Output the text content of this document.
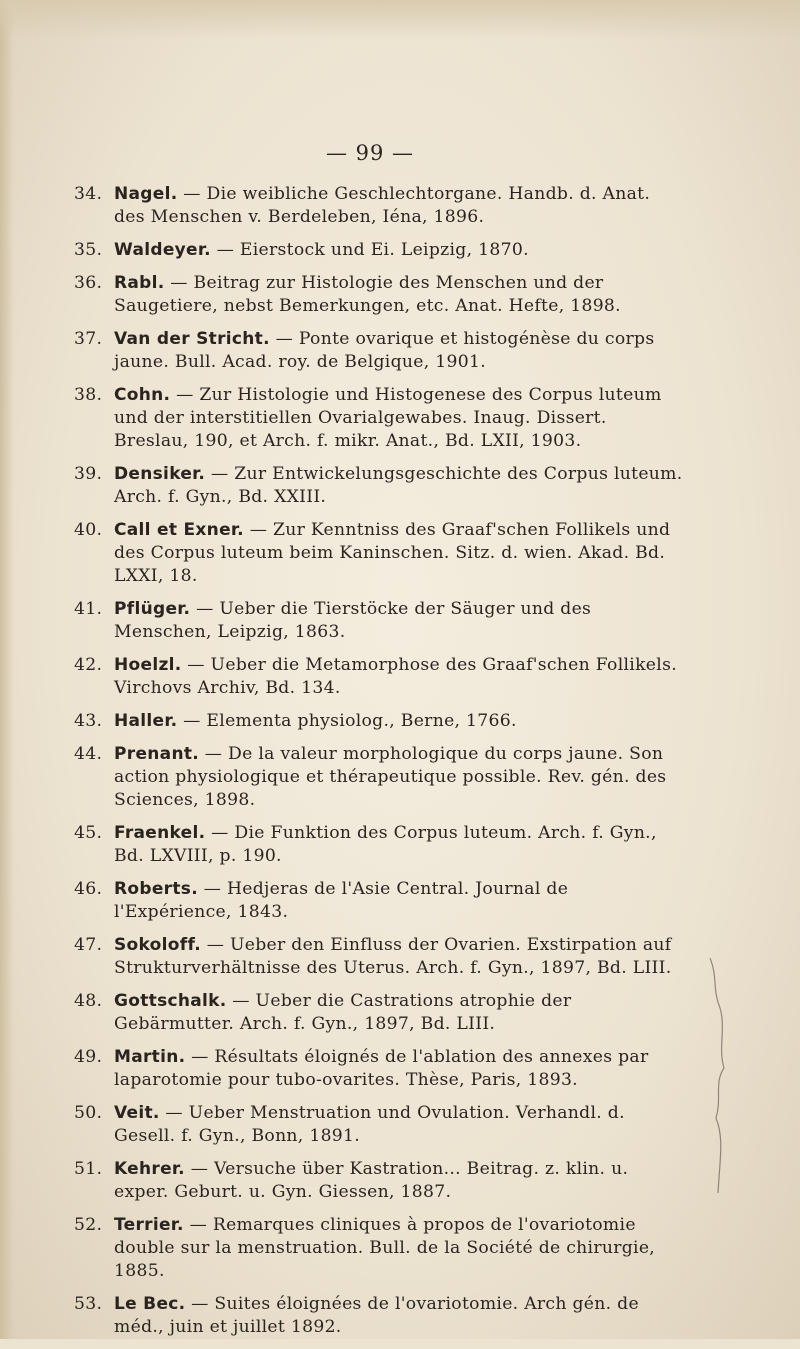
— 99 —
34. Nagel. — Die weibliche Geschlechtorgane. Handb. d. Anat. des Menschen v. Berdeleben, Iéna, 1896.
35. Waldeyer. — Eierstock und Ei. Leipzig, 1870.
36. Rabl. — Beitrag zur Histologie des Menschen und der Saugetiere, nebst Bemerkungen, etc. Anat. Hefte, 1898.
37. Van der Stricht. — Ponte ovarique et histogénèse du corps jaune. Bull. Acad. roy. de Belgique, 1901.
38. Cohn. — Zur Histologie und Histogenese des Corpus luteum und der interstitiellen Ovarialgewabes. Inaug. Dissert. Breslau, 190, et Arch. f. mikr. Anat., Bd. LXII, 1903.
39. Densiker. — Zur Entwickelungsgeschichte des Corpus luteum. Arch. f. Gyn., Bd. XXIII.
40. Call et Exner. — Zur Kenntniss des Graaf'schen Follikels und des Corpus luteum beim Kaninschen. Sitz. d. wien. Akad. Bd. LXXI, 18.
41. Pflüger. — Ueber die Tierstöcke der Säuger und des Menschen, Leipzig, 1863.
42. Hoelzl. — Ueber die Metamorphose des Graaf'schen Follikels. Virchovs Archiv, Bd. 134.
43. Haller. — Elementa physiolog., Berne, 1766.
44. Prenant. — De la valeur morphologique du corps jaune. Son action physiologique et thérapeutique possible. Rev. gén. des Sciences, 1898.
45. Fraenkel. — Die Funktion des Corpus luteum. Arch. f. Gyn., Bd. LXVIII, p. 190.
46. Roberts. — Hedjeras de l'Asie Central. Journal de l'Expérience, 1843.
47. Sokoloff. — Ueber den Einfluss der Ovarien. Exstirpation auf Strukturverhältnisse des Uterus. Arch. f. Gyn., 1897, Bd. LIII.
48. Gottschalk. — Ueber die Castrations atrophie der Gebärmutter. Arch. f. Gyn., 1897, Bd. LIII.
49. Martin. — Résultats éloignés de l'ablation des annexes par laparotomie pour tubo-ovarites. Thèse, Paris, 1893.
50. Veit. — Ueber Menstruation und Ovulation. Verhandl. d. Gesell. f. Gyn., Bonn, 1891.
51. Kehrer. — Versuche über Kastration... Beitrag. z. klin. u. exper. Geburt. u. Gyn. Giessen, 1887.
52. Terrier. — Remarques cliniques à propos de l'ovariotomie double sur la menstruation. Bull. de la Société de chirurgie, 1885.
53. Le Bec. — Suites éloignées de l'ovariotomie. Arch gén. de méd., juin et juillet 1892.
